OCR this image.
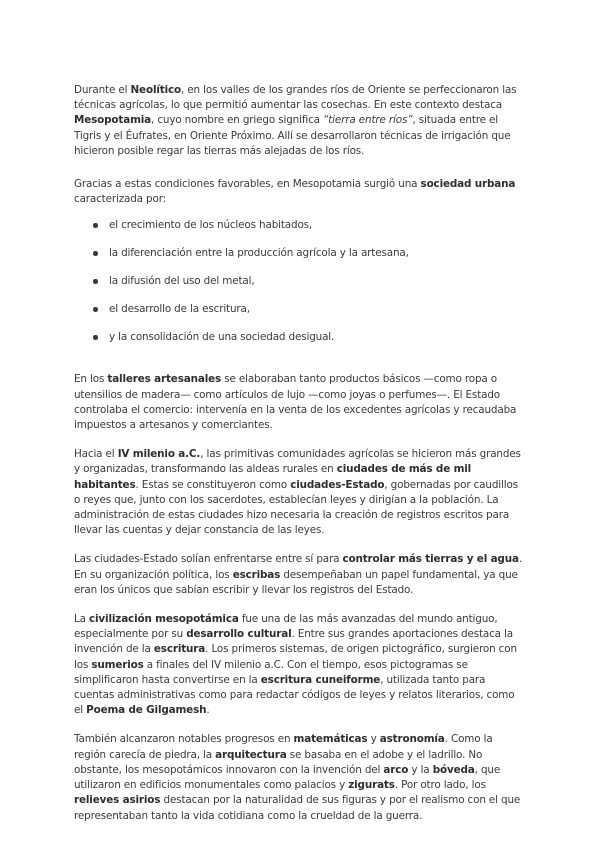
Durante el Neolítico, en los valles de los grandes ríos de Oriente se perfeccionaron las técnicas agrícolas, lo que permitió aumentar las cosechas. En este contexto destaca Mesopotamia, cuyo nombre en griego significa “tierra entre ríos”, situada entre el Tigris y el Éufrates, en Oriente Próximo. Allí se desarrollaron técnicas de irrigación que hicieron posible regar las tierras más alejadas de los ríos.

Gracias a estas condiciones favorables, en Mesopotamia surgió una sociedad urbana caracterizada por:

el crecimiento de los núcleos habitados,
la diferenciación entre la producción agrícola y la artesana,
la difusión del uso del metal,
el desarrollo de la escritura,
y la consolidación de una sociedad desigual.

En los talleres artesanales se elaboraban tanto productos básicos —como ropa o utensilios de madera— como artículos de lujo —como joyas o perfumes—. El Estado controlaba el comercio: intervenía en la venta de los excedentes agrícolas y recaudaba impuestos a artesanos y comerciantes.

Hacia el IV milenio a.C., las primitivas comunidades agrícolas se hicieron más grandes y organizadas, transformando las aldeas rurales en ciudades de más de mil habitantes. Estas se constituyeron como ciudades-Estado, gobernadas por caudillos o reyes que, junto con los sacerdotes, establecían leyes y dirigían a la población. La administración de estas ciudades hizo necesaria la creación de registros escritos para llevar las cuentas y dejar constancia de las leyes.

Las ciudades-Estado solían enfrentarse entre sí para controlar más tierras y el agua. En su organización política, los escribas desempeñaban un papel fundamental, ya que eran los únicos que sabían escribir y llevar los registros del Estado.

La civilización mesopotámica fue una de las más avanzadas del mundo antiguo, especialmente por su desarrollo cultural. Entre sus grandes aportaciones destaca la invención de la escritura. Los primeros sistemas, de origen pictográfico, surgieron con los sumerios a finales del IV milenio a.C. Con el tiempo, esos pictogramas se simplificaron hasta convertirse en la escritura cuneiforme, utilizada tanto para cuentas administrativas como para redactar códigos de leyes y relatos literarios, como el Poema de Gilgamesh.

También alcanzaron notables progresos en matemáticas y astronomía. Como la región carecía de piedra, la arquitectura se basaba en el adobe y el ladrillo. No obstante, los mesopotámicos innovaron con la invención del arco y la bóveda, que utilizaron en edificios monumentales como palacios y zigurats. Por otro lado, los relieves asirios destacan por la naturalidad de sus figuras y por el realismo con el que representaban tanto la vida cotidiana como la crueldad de la guerra.
